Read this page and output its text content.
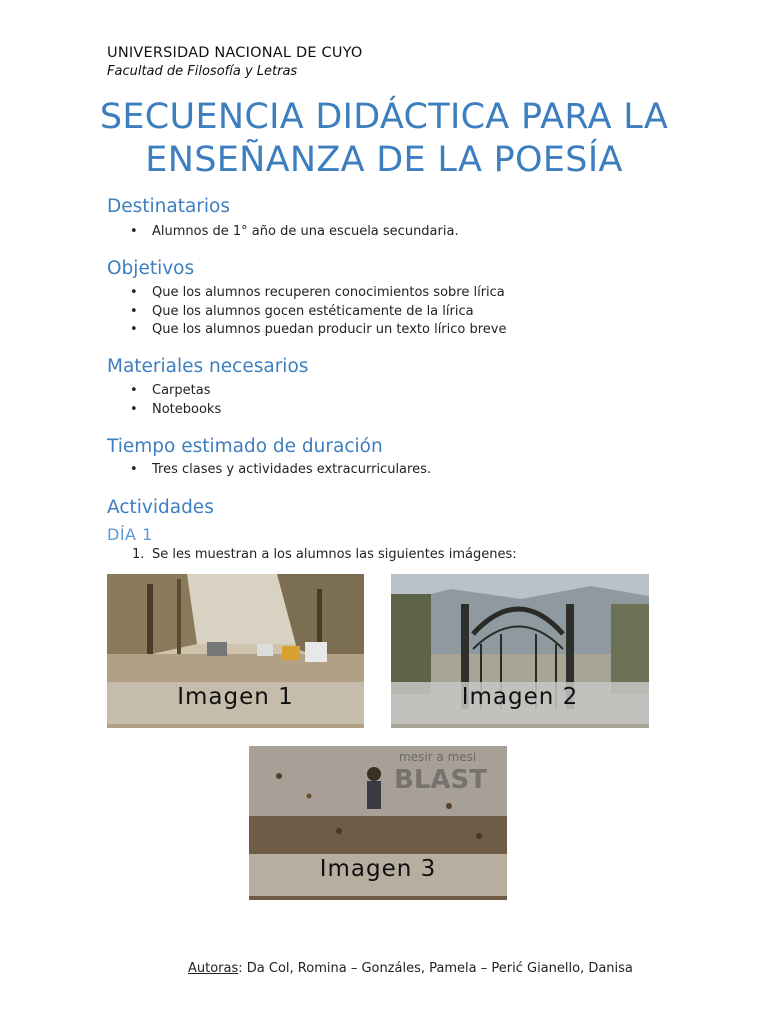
UNIVERSIDAD NACIONAL DE CUYO
Facultad de Filosofía y Letras
SECUENCIA DIDÁCTICA PARA LA
ENSEÑANZA DE LA POESÍA
Destinatarios
• Alumnos de 1° año de una escuela secundaria.
Objetivos
• Que los alumnos recuperen conocimientos sobre lírica
• Que los alumnos gocen estéticamente de la lírica
• Que los alumnos puedan producir un texto lírico breve
Materiales necesarios
• Carpetas
• Notebooks
Tiempo estimado de duración
• Tres clases y actividades extracurriculares.
Actividades
DÍA 1
1. Se les muestran a los alumnos las siguientes imágenes:
Imagen 1	Imagen 2
BLAST
mesir a mesi
Imagen 3
Autoras: Da Col, Romina – Gonzáles, Pamela – Perić Gianello, Danisa
